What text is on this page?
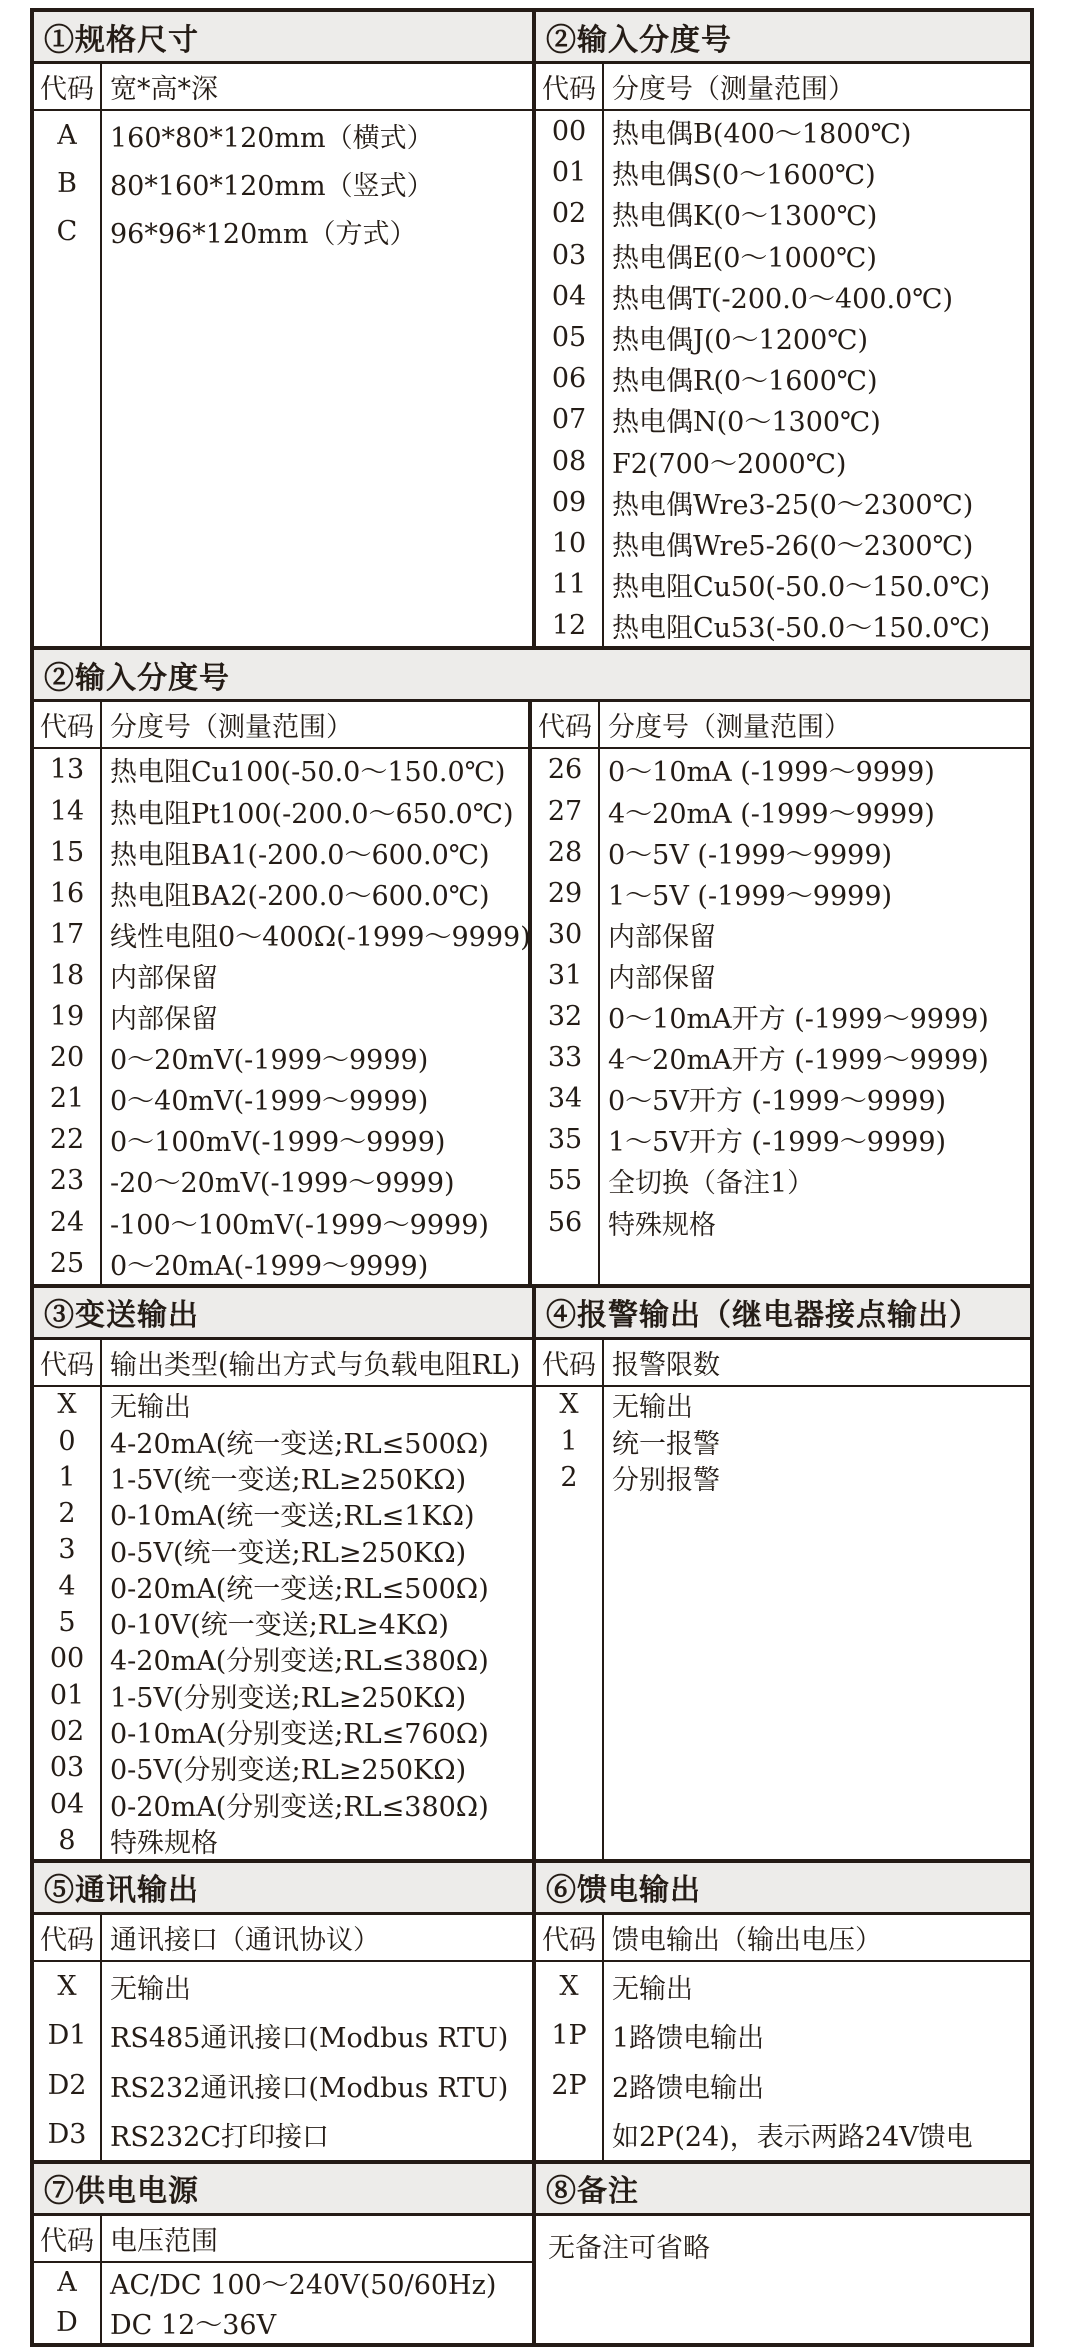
①规格尺寸
代码 宽*高*深
A	160*80*120mm（横式）
B	80*160*120mm（竖式）
C	96*96*120mm（方式）
②输入分度号
代码 分度号（测量范围）
00 热电偶B(400～1800℃)
01 热电偶S(0～1600℃)
02 热电偶K(0～1300℃)
03 热电偶E(0～1000℃)
04 热电偶T(-200.0～400.0℃)
05 热电偶J(0～1200℃)
06 热电偶R(0～1600℃)
07 热电偶N(0～1300℃)
08 F2(700～2000℃)
09 热电偶Wre3-25(0～2300℃)
10 热电偶Wre5-26(0～2300℃)
11 热电阻Cu50(-50.0～150.0℃)
12 热电阻Cu53(-50.0～150.0℃)
②输入分度号
代码 分度号（测量范围）
13 热电阻Cu100(-50.0～150.0℃)
14 热电阻Pt100(-200.0～650.0℃)
15 热电阻BA1(-200.0～600.0℃)
16 热电阻BA2(-200.0～600.0℃)
17 线性电阻0～400Ω(-1999～9999)
18 内部保留
19 内部保留
20 0～20mV(-1999～9999)
21 0～40mV(-1999～9999)
22 0～100mV(-1999～9999)
23 -20～20mV(-1999～9999)
24 -100～100mV(-1999～9999)
25 0～20mA(-1999～9999)
代码 分度号（测量范围）
26 0～10mA (-1999～9999)
27 4～20mA (-1999～9999)
28 0～5V (-1999～9999)
29 1～5V (-1999～9999)
30 内部保留
31 内部保留
32 0～10mA开方 (-1999～9999)
33 4～20mA开方 (-1999～9999)
34 0～5V开方 (-1999～9999)
35 1～5V开方 (-1999～9999)
55 全切换（备注1）
56 特殊规格
③变送输出
代码 输出类型(输出方式与负载电阻RL)
X	无输出
0	4-20mA(统一变送;RL≤500Ω)
1	1-5V(统一变送;RL≥250KΩ)
2	0-10mA(统一变送;RL≤1KΩ)
3	0-5V(统一变送;RL≥250KΩ)
4	0-20mA(统一变送;RL≤500Ω)
5	0-10V(统一变送;RL≥4KΩ)
00 4-20mA(分别变送;RL≤380Ω)
01 1-5V(分别变送;RL≥250KΩ)
02 0-10mA(分别变送;RL≤760Ω)
03 0-5V(分别变送;RL≥250KΩ)
04 0-20mA(分别变送;RL≤380Ω)
8	特殊规格
④报警输出（继电器接点输出）
代码 报警限数
X	无输出
1	统一报警
2	分别报警
⑤通讯输出
代码 通讯接口（通讯协议）
X	无输出
D1 RS485通讯接口(Modbus RTU)
D2 RS232通讯接口(Modbus RTU)
D3 RS232C打印接口
⑥馈电输出
代码 馈电输出（输出电压）
X	无输出
1P 1路馈电输出
2P 2路馈电输出
如2P(24)，表示两路24V馈电
⑦供电电源
代码 电压范围
A	AC/DC 100～240V(50/60Hz)
D	DC 12～36V
⑧备注
无备注可省略
